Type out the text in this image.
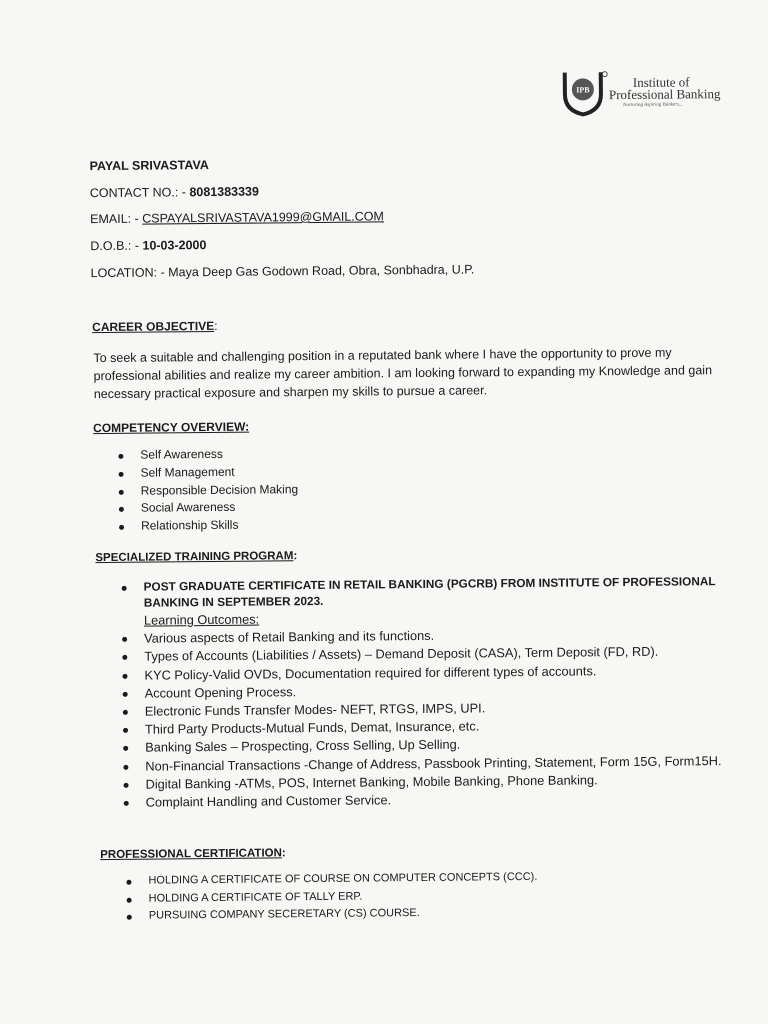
IPB	Institute of
Professional Banking
Nurturing Aspiring Bankers...
PAYAL SRIVASTAVA
CONTACT NO.: - 8081383339
EMAIL: - CSPAYALSRIVASTAVA1999@GMAIL.COM
D.O.B.: - 10-03-2000
LOCATION: - Maya Deep Gas Godown Road, Obra, Sonbhadra, U.P.
CAREER OBJECTIVE:
To seek a suitable and challenging position in a reputated bank where I have the opportunity to prove my professional abilities and realize my career ambition. I am looking forward to expanding my Knowledge and gain necessary practical exposure and sharpen my skills to pursue a career.
COMPETENCY OVERVIEW:
Self Awareness
Self Management
Responsible Decision Making
Social Awareness
Relationship Skills
SPECIALIZED TRAINING PROGRAM:
POST GRADUATE CERTIFICATE IN RETAIL BANKING (PGCRB) FROM INSTITUTE OF PROFESSIONAL BANKING IN SEPTEMBER 2023.
Learning Outcomes:
Various aspects of Retail Banking and its functions.
Types of Accounts (Liabilities / Assets) – Demand Deposit (CASA), Term Deposit (FD, RD).
KYC Policy-Valid OVDs, Documentation required for different types of accounts.
Account Opening Process.
Electronic Funds Transfer Modes- NEFT, RTGS, IMPS, UPI.
Third Party Products-Mutual Funds, Demat, Insurance, etc.
Banking Sales – Prospecting, Cross Selling, Up Selling.
Non-Financial Transactions -Change of Address, Passbook Printing, Statement, Form 15G, Form15H.
Digital Banking -ATMs, POS, Internet Banking, Mobile Banking, Phone Banking.
Complaint Handling and Customer Service.
PROFESSIONAL CERTIFICATION:
HOLDING A CERTIFICATE OF COURSE ON COMPUTER CONCEPTS (CCC).
HOLDING A CERTIFICATE OF TALLY ERP.
PURSUING COMPANY SECERETARY (CS) COURSE.
